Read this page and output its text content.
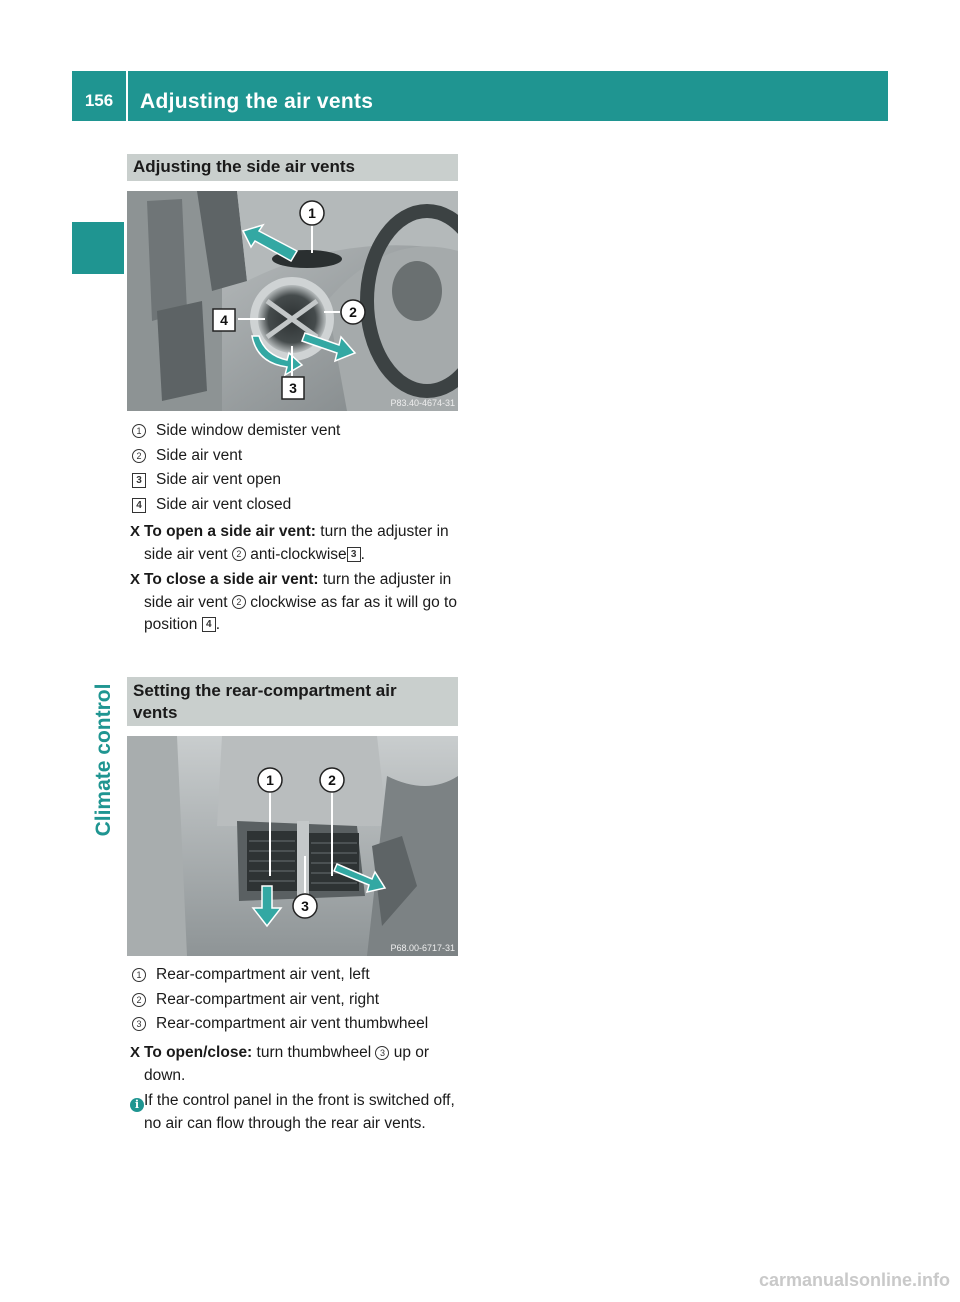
156	Adjusting the air vents
Climate control
Adjusting the side air vents
1
2
3
4
P83.40-4674-31
1 Side window demister vent
2 Side air vent
3 Side air vent open
4 Side air vent closed
X To open a side air vent: turn the adjuster in side air vent 2 anti-clockwise 3 .
X To close a side air vent: turn the adjuster in side air vent 2 clockwise as far as it will go to position 4 .
Setting the rear-compartment air
vents
1	2
3
P68.00-6717-31
1 Rear-compartment air vent, left
2 Rear-compartment air vent, right
3 Rear-compartment air vent thumbwheel
X To open/close: turn thumbwheel 3 up or down.
i If the control panel in the front is switched off, no air can flow through the rear air vents.
carmanualsonline.info
